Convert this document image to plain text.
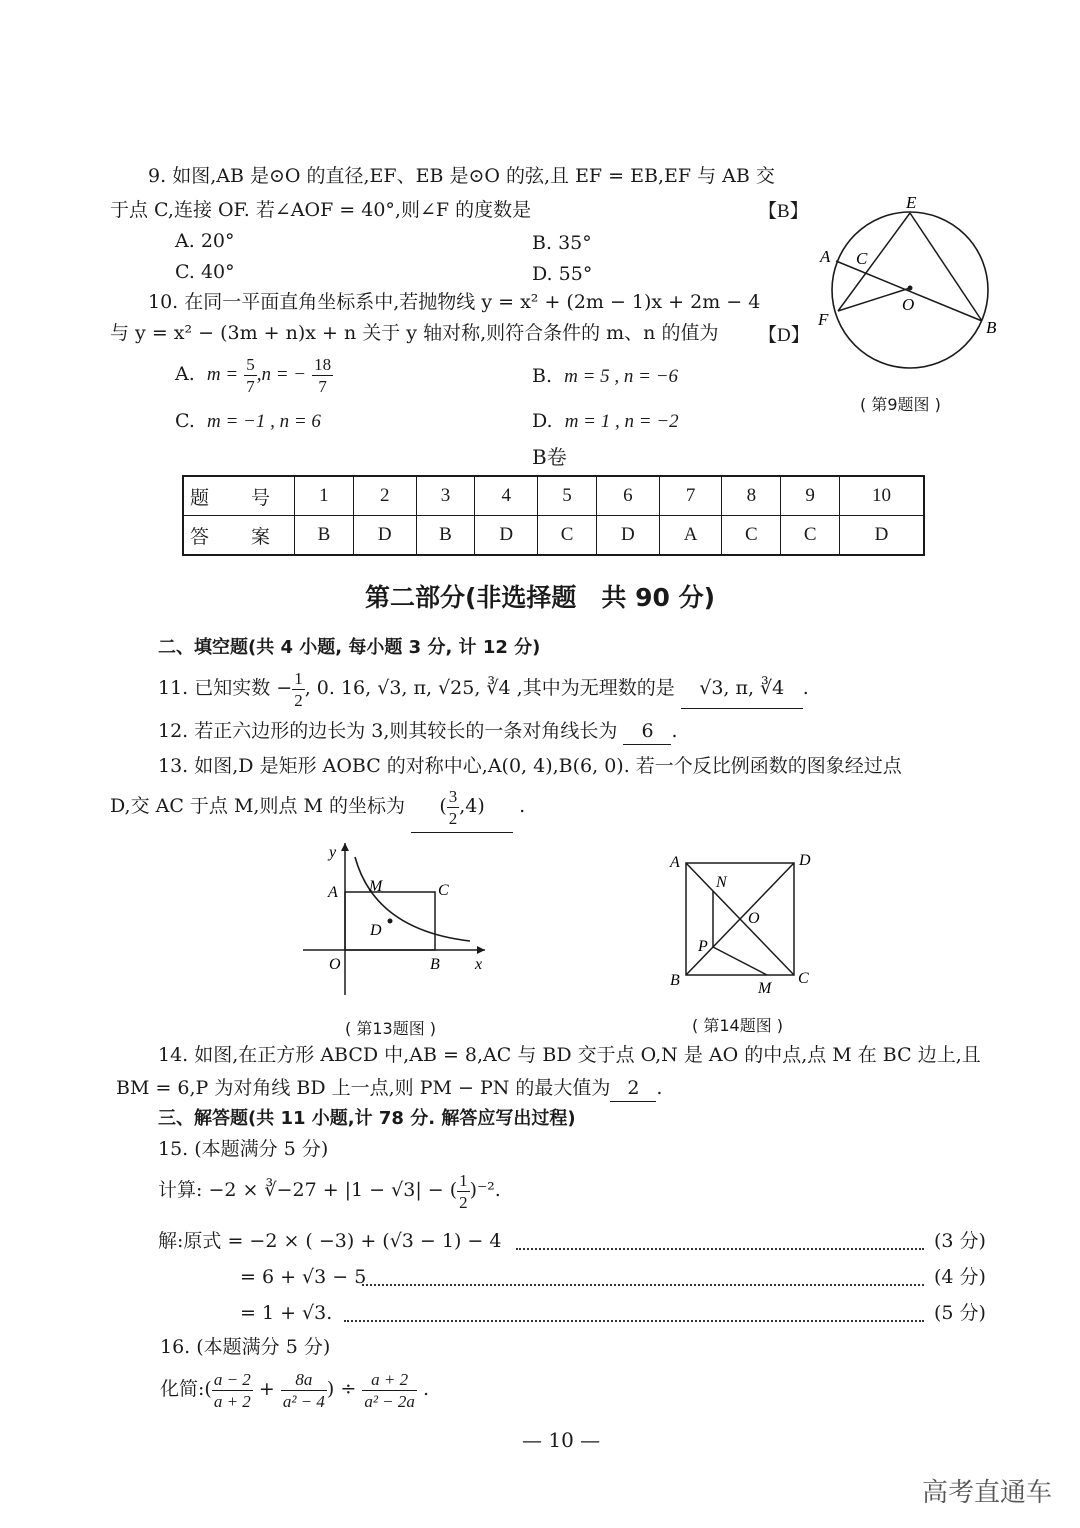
9. 如图,AB 是⊙O 的直径,EF、EB 是⊙O 的弦,且 EF = EB,EF 与 AB 交
于点 C,连接 OF. 若∠AOF = 40°,则∠F 的度数是	【B】
A. 20°	B. 35°
C. 40°	D. 55°
E
A C
O
F	B
( 第9题图 )
10. 在同一平面直角坐标系中,若抛物线 y = x² + (2m − 1)x + 2m − 4
与 y = x² − (3m + n)x + n 关于 y 轴对称,则符合条件的 m、n 的值为 【D】
A. $m = \frac{5}{7} ,n$ = − $\frac{18}{7}$	B. m = 5 , n = −6
C. m = −1 , n = 6	D. m = 1 , n = −2
B卷
题 号	1	2	3	4	5	6	7	8	9	10
答 案	B	D	B	D	C	D	A	C	C	D
第二部分(非选择题　共 90 分)
二、填空题(共 4 小题, 每小题 3 分, 计 12 分)
11. 已知实数 − $\frac{1}{2}$ , 0. 16, √3, π, √25, ∛4 ,其中为无理数的是 √3, π, ∛4 .
12. 若正六边形的边长为 3,则其较长的一条对角线长为 6 .
13. 如图,D 是矩形 AOBC 的对称中心,A(0, 4),B(6, 0). 若一个反比例函数的图象经过点
D,交 AC 于点 M,则点 M 的坐标为 ( $\frac{3}{2} ,4$) .
y
A M	C
D
O	B x
( 第13题图 )
A	D
N
O
P
B	M
C
( 第14题图 )
14. 如图,在正方形 ABCD 中,AB = 8,AC 与 BD 交于点 O,N 是 AO 的中点,点 M 在 BC 边上,且
BM = 6,P 为对角线 BD 上一点,则 PM − PN 的最大值为 2 .
三、解答题(共 11 小题,计 78 分. 解答应写出过程)
15. (本题满分 5 分)
计算: −2 × ∛−27 + |1 − √3| − ( $\frac{1}{2} )^{-2}$.
解:原式 = −2 × ( −3) + (√3 − 1) − 4	(3 分)
= 6 + √3 − 5	(4 分)
= 1 + √3.	(5 分)
16. (本题满分 5 分)
化简:( $\frac{a - 2}{a + 2} + \frac{8a}{\text{a² − 4}}$ ) ÷ $\frac{a + 2}{\text{a² − 2a}}$ .
— 10 —
高考直通车
